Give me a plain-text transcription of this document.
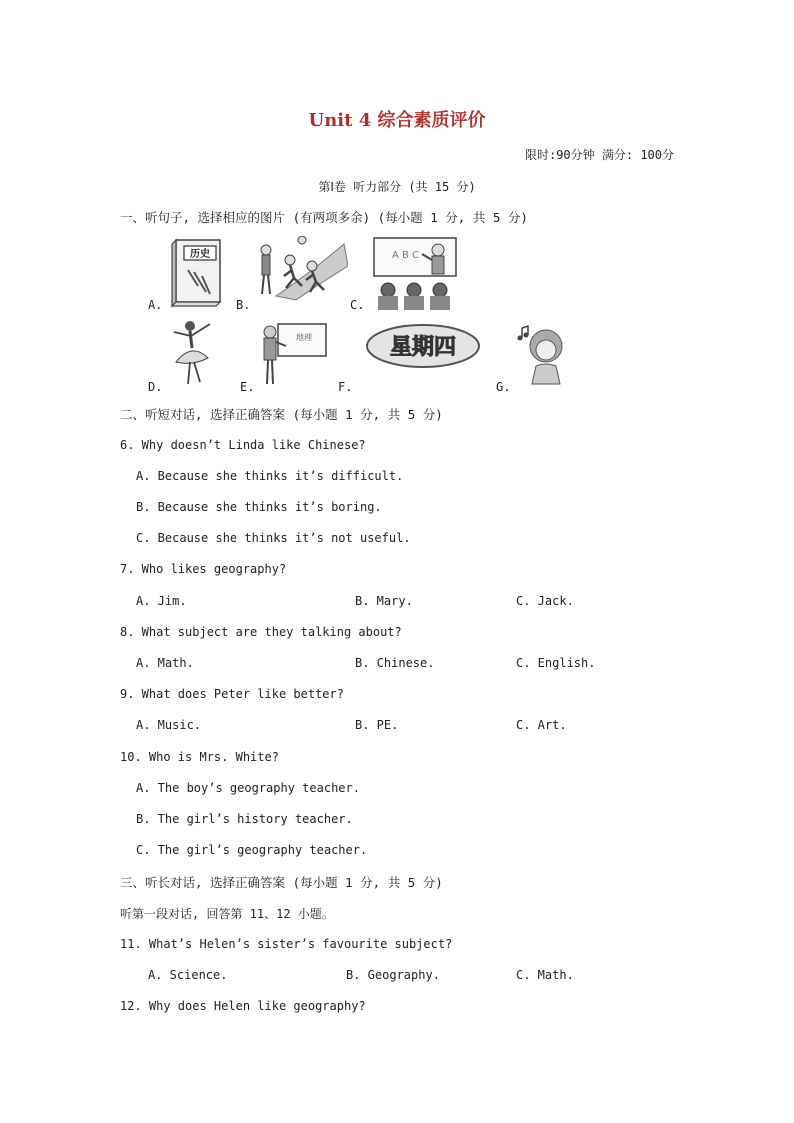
Unit 4 综合素质评价
限时:90分钟 满分: 100分
第Ⅰ卷 听力部分 (共 15 分)
一、听句子, 选择相应的图片 (有两项多余) (每小题 1 分, 共 5 分)
历史	A B C
A.	B.	C.
地理	星期四
D.	E.	F.	G.
二、听短对话, 选择正确答案 (每小题 1 分, 共 5 分)
6. Why doesn’t Linda like Chinese?
A. Because she thinks it’s difficult.
B. Because she thinks it’s boring.
C. Because she thinks it’s not useful.
7. Who likes geography?
A. Jim.	B. Mary.	C. Jack.
8. What subject are they talking about?
A. Math.	B. Chinese.	C. English.
9. What does Peter like better?
A. Music.	B. PE.	C. Art.
10. Who is Mrs. White?
A. The boy’s geography teacher.
B. The girl’s history teacher.
C. The girl’s geography teacher.
三、听长对话, 选择正确答案 (每小题 1 分, 共 5 分)
听第一段对话, 回答第 11、12 小题。
11. What’s Helen’s sister’s favourite subject?
A. Science.	B. Geography.	C. Math.
12. Why does Helen like geography?
